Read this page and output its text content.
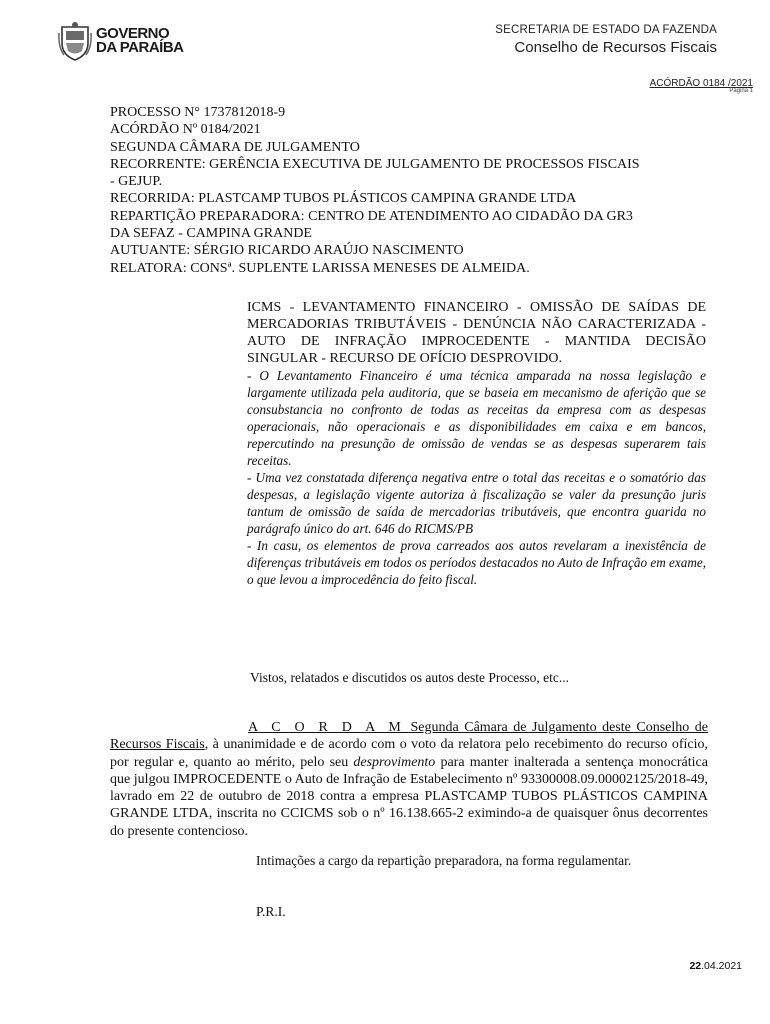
GOVERNO
DA PARAÍBA
SECRETARIA DE ESTADO DA FAZENDA
Conselho de Recursos Fiscais
ACÓRDÃO 0184 /2021
Página 1
PROCESSO N° 1737812018-9
ACÓRDÃO Nº 0184/2021
SEGUNDA CÂMARA DE JULGAMENTO
RECORRENTE: GERÊNCIA EXECUTIVA DE JULGAMENTO DE PROCESSOS FISCAIS
- GEJUP.
RECORRIDA: PLASTCAMP TUBOS PLÁSTICOS CAMPINA GRANDE LTDA
REPARTIÇÃO PREPARADORA: CENTRO DE ATENDIMENTO AO CIDADÃO DA GR3
DA SEFAZ - CAMPINA GRANDE
AUTUANTE: SÉRGIO RICARDO ARAÚJO NASCIMENTO
RELATORA: CONSª. SUPLENTE LARISSA MENESES DE ALMEIDA.

ICMS - LEVANTAMENTO FINANCEIRO - OMISSÃO DE SAÍDAS DE MERCADORIAS TRIBUTÁVEIS - DENÚNCIA NÃO CARACTERIZADA - AUTO DE INFRAÇÃO IMPROCEDENTE - MANTIDA DECISÃO SINGULAR - RECURSO DE OFÍCIO DESPROVIDO.

- O Levantamento Financeiro é uma técnica amparada na nossa legislação e largamente utilizada pela auditoria, que se baseia em mecanismo de aferição que se consubstancia no confronto de todas as receitas da empresa com as despesas operacionais, não operacionais e as disponibilidades em caixa e em bancos, repercutindo na presunção de omissão de vendas se as despesas superarem tais receitas.

- Uma vez constatada diferença negativa entre o total das receitas e o somatório das despesas, a legislação vigente autoriza à fiscalização se valer da presunção juris tantum de omissão de saída de mercadorias tributáveis, que encontra guarida no parágrafo único do art. 646 do RICMS/PB

- In casu, os elementos de prova carreados aos autos revelaram a inexistência de diferenças tributáveis em todos os períodos destacados no Auto de Infração em exame, o que levou a improcedência do feito fiscal.

03 de Fevereiro	de 1832
Vistos, relatados e discutidos os autos deste Processo, etc...

A C O R D A M Segunda Câmara de Julgamento deste Conselho de Recursos Fiscais, à unanimidade e de acordo com o voto da relatora pelo recebimento do recurso ofício, por regular e, quanto ao mérito, pelo seu desprovimento para manter inalterada a sentença monocrática que julgou IMPROCEDENTE o Auto de Infração de Estabelecimento nº 93300008.09.00002125/2018-49, lavrado em 22 de outubro de 2018 contra a empresa PLASTCAMP TUBOS PLÁSTICOS CAMPINA GRANDE LTDA, inscrita no CCICMS sob o nº 16.138.665-2 eximindo-a de quaisquer ônus decorrentes do presente contencioso.

Intimações a cargo da repartição preparadora, na forma regulamentar.
P.R.I.
22.04.2021
